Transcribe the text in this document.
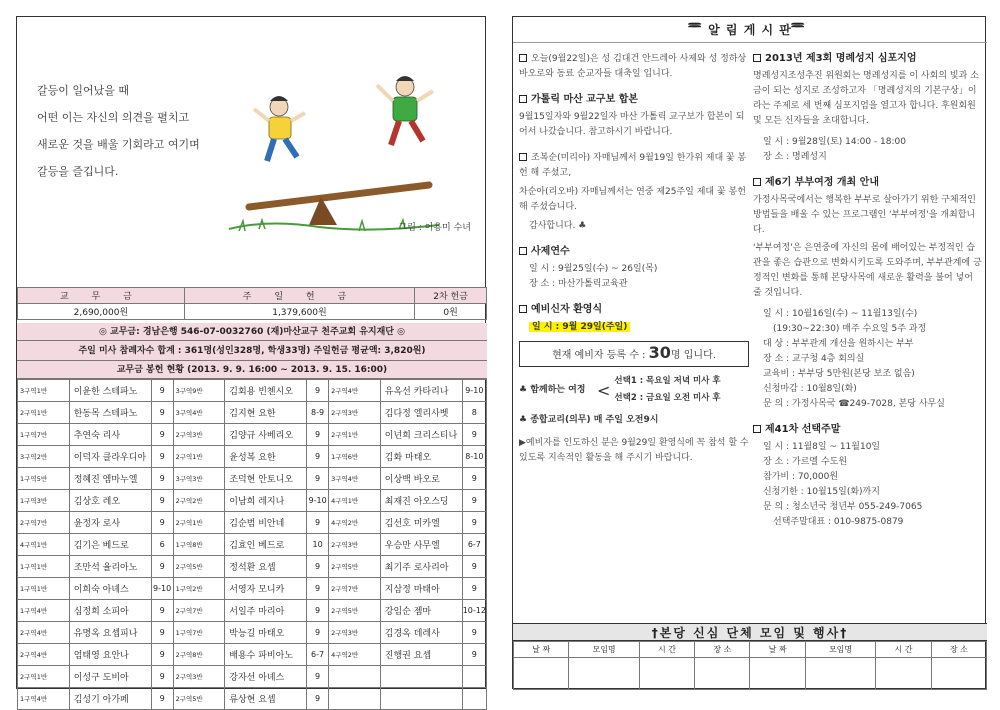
갈등이 일어났을 때
어떤 이는 자신의 의견을 펼치고
새로운 것을 배울 기회라고 여기며
갈등을 즐깁니다.
그림 : 이용미 수녀
교 무 금	주 일 헌 금	2차 헌금
2,690,000원	1,379,600원	0원
◎ 교무금: 경남은행 546-07-0032760 (재)마산교구 천주교회 유지재단 ◎
주일 미사 참례자수 합계 : 361명(성인328명, 학생33명) 주일헌금 평균액: 3,820원)
교무금 봉헌 현황 (2013. 9. 9. 16:00 ~ 2013. 9. 15. 16:00)
3구역1반	이윤한 스테파노	9	3구역9반	김회용 빈첸시오	9	2구역4반	유옥선 카타리나	9-10
2구역1반	한동목 스테파노	9	3구역4반	김지현 요한	8-9	2구역3반	김다정 엘리사벳	8
1구역7반	추연숙 리사	9	2구역3반	김양규 사베리오	9	2구역1반	이넌희 크리스티나	9
3구역2반	이덕자 클라우디아	9	2구역1반	윤성복 요한	9	1구역6반	김화 마태오	8-10
1구역5반	정혜진 엠마누엘	9	3구역3반	조덕현 안토니오	9	3구역4반	이상백 바오로	9
1구역3반	김상호 레오	9	2구역2반	이남희 레지나	9-10	4구역1반	최재진 아오스딩	9
2구역7반	윤정자 로사	9	2구역1반	김순범 비안네	9	4구역2반	김선호 미카엘	9
4구역1반	김기은 베드로	6	1구역8반	김효인 베드로	10	2구역3반	우승만 사무엘	6-7
1구역1반	조만석 율리아노	9	2구역5반	정석환 요셉	9	2구역5반	최기주 로사리아	9
1구역1반	이희숙 아녜스	9-10	1구역2반	서영자 모니카	9	2구역7반	지삼정 마태아	9
1구역4반	심정희 소피아	9	2구역7반	서일주 마리아	9	2구역5반	강임순 젬마	10-12
2구역4반	유명옥 요셉피나	9	1구역7반	박능길 마태오	9	2구역3반	김경옥 데레사	9
2구역4반	엄태영 요안나	9	2구역8반	배용수 파비아노	6-7	4구역2반	진행권 요셉	9
2구역1반	이성구 도비아	9	2구역3반	강자선 아녜스	9			
1구역4반	김성기 아가페	9	2구역5반	류상현 요셉	9			
ꩰꩰꩰꩰꩰꩰꩰꩰꩰ 알 림 게 시 판 ꩰꩰꩰꩰꩰꩰꩰꩰꩰ
오늘(9월22일)은 성 김대건 안드레아 사제와 성 정하상 바오로와 동료 순교자들 대축일 입니다.
가톨릭 마산 교구보 합본
9월15일자와 9월22일자 마산 가톨릭 교구보가 합본이 되어서 나갔습니다. 참고하시기 바랍니다.
조복순(미리아) 자매님께서 9월19일 한가위 제대 꽃 봉헌 해 주셨고,
차순아(리오바) 자매님께서는 연중 제25주일 제대 꽃 봉헌 해 주셨습니다.
감사합니다. ♣
사제연수
일 시 : 9월25일(수) ~ 26일(목)
장 소 : 마산가톨릭교육관
예비신자 환영식
일 시 : 9월 29일(주일)
현재 예비자 등록 수 : 30명 입니다.
♣ 함께하는 여정 < 선택1 : 목요일 저녁 미사 후
선택2 : 금요일 오전 미사 후
♣ 종합교리(의무) 매 주일 오전9시
▶예비자를 인도하신 분은 9월29일 환영식에 꼭 참석 할 수 있도록 지속적인 활동을 해 주시기 바랍니다.
2013년 제3회 명례성지 심포지엄
명례성지조성추진 위원회는 명례성지를 이 사회의 빛과 소금이 되는 성지로 조성하고자 「명례성지의 기본구상」이라는 주제로 세 번째 심포지엄을 열고자 합니다. 후원회원 및 모든 신자들을 초대합니다.
일 시 : 9월28일(토) 14:00 - 18:00
장 소 : 명례성지
제6기 부부여정 개최 안내
가정사목국에서는 행복한 부부로 살아가기 위한 구체적인 방법들을 배울 수 있는 프로그램인 '부부여정'을 개최합니다.
'부부여정'은 은연중에 자신의 몸에 배어있는 부정적인 습관을 좋은 습관으로 변화시키도록 도와주며, 부부관계에 긍정적인 변화를 통해 본당사목에 새로운 활력을 불어 넣어 줄 것입니다.
일 시 : 10월16일(수) ~ 11월13일(수)
(19:30~22:30) 매주 수요일 5주 과정
대 상 : 부부관계 개선을 원하시는 부부
장 소 : 교구청 4층 회의실
교육비 : 부부당 5만원(본당 보조 없음)
신청마감 : 10월8일(화)
문 의 : 가정사목국 ☎249-7028, 본당 사무실
제41차 선택주말
일 시 : 11월8일 ~ 11월10일
장 소 : 가르멜 수도원
참가비 : 70,000원
신청기한 : 10월15일(화)까지
문 의 : 청소년국 청년부 055-249-7065
선택주말대표 : 010-9875-0879
†본당 신심 단체 모임 및 행사†
날 짜	모임명	시 간	장 소	날 짜	모임명	시 간	장 소
